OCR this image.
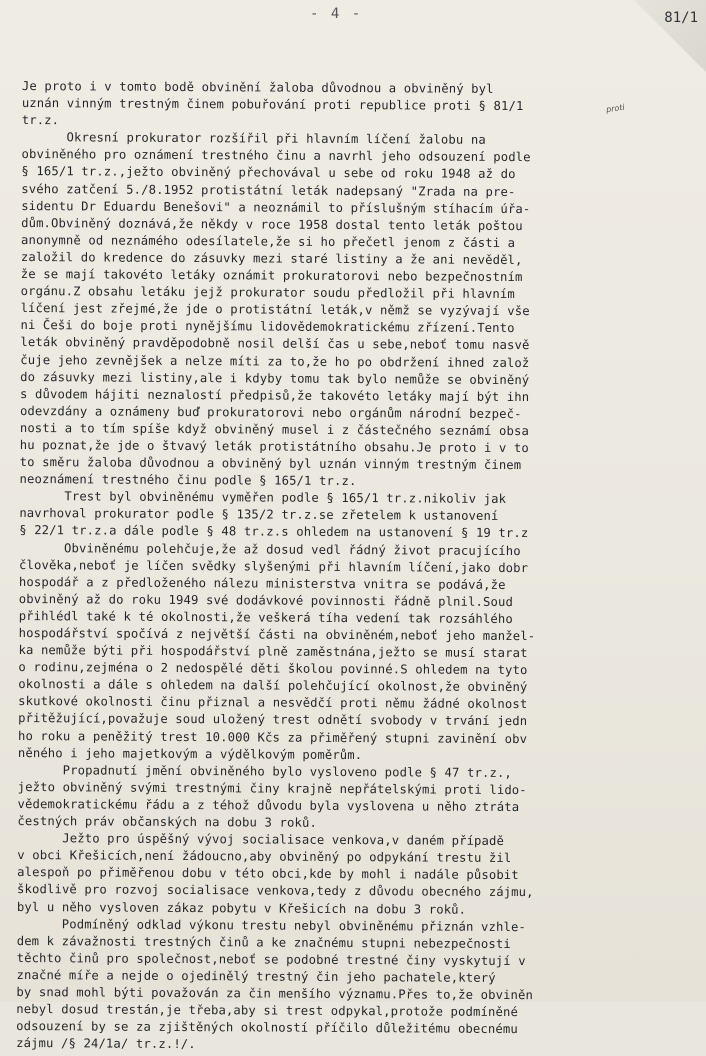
- 4 -	81/1
proti
Je proto i v tomto bodě obvinění žaloba důvodnou a obviněný byl
uznán vinným trestným činem pobuřování proti republice proti § 81/1
tr.z.
Okresní prokurator rozšířil při hlavním líčení žalobu na
obviněného pro oznámení trestného činu a navrhl jeho odsouzení podle
§ 165/1 tr.z.,ježto obviněný přechovával u sebe od roku 1948 až do
svého zatčení 5./8.1952 protistátní leták nadepsaný "Zrada na pre-
sidentu Dr Eduardu Benešovi" a neoznámil to příslušným stíhacím úřa-
dům.Obviněný doznává,že někdy v roce 1958 dostal tento leták poštou
anonymně od neznámého odesílatele,že si ho přečetl jenom z části a
založil do kredence do zásuvky mezi staré listiny a že ani nevěděl,
že se mají takovéto letáky oznámit prokuratorovi nebo bezpečnostním
orgánu.Z obsahu letáku jejž prokurator soudu předložil při hlavním
líčení jest zřejmé,že jde o protistátní leták,v němž se vyzývají vše
ni Češi do boje proti nynějšímu lidovědemokratickému zřízení.Tento
leták obviněný pravděpodobně nosil delší čas u sebe,neboť tomu nasvě
čuje jeho zevnějšek a nelze míti za to,že ho po obdržení ihned založ
do zásuvky mezi listiny,ale i kdyby tomu tak bylo nemůže se obviněný
s důvodem hájiti neznalostí předpisů,že takovéto letáky mají být ihn
odevzdány a oznámeny buď prokuratorovi nebo orgánům národní bezpeč-
nosti a to tím spíše když obviněný musel i z částečného seznámí obsa
hu poznat,že jde o štvavý leták protistátního obsahu.Je proto i v to
to směru žaloba důvodnou a obviněný byl uznán vinným trestným činem
neoznámení trestného činu podle § 165/1 tr.z.
Trest byl obviněnému vyměřen podle § 165/1 tr.z.nikoliv jak
navrhoval prokurator podle § 135/2 tr.z.se zřetelem k ustanovení
§ 22/1 tr.z.a dále podle § 48 tr.z.s ohledem na ustanovení § 19 tr.z
Obviněnému polehčuje,že až dosud vedl řádný život pracujícího
člověka,neboť je líčen svědky slyšenými při hlavním líčení,jako dobr
hospodář a z předloženého nálezu ministerstva vnitra se podává,že
obviněný až do roku 1949 své dodávkové povinnosti řádně plnil.Soud
přihlédl také k té okolnosti,že veškerá tíha vedení tak rozsáhlého
hospodářství spočívá z největší části na obviněném,neboť jeho manžel-
ka nemůže býti při hospodářství plně zaměstnána,ježto se musí starat
o rodinu,zejména o 2 nedospělé děti školou povinné.S ohledem na tyto
okolnosti a dále s ohledem na další polehčující okolnost,že obviněný
skutkové okolnosti činu přiznal a nesvědčí proti němu žádné okolnost
přitěžující,považuje soud uložený trest odnětí svobody v trvání jedn
ho roku a peněžitý trest 10.000 Kčs za přiměřený stupni zavinění obv
něného i jeho majetkovým a výdělkovým poměrům.
Propadnutí jmění obviněného bylo vysloveno podle § 47 tr.z.,
ježto obviněný svými trestnými činy krajně nepřátelskými proti lido-
vědemokratickému řádu a z téhož důvodu byla vyslovena u něho ztráta
čestných práv občanských na dobu 3 roků.
Ježto pro úspěšný vývoj socialisace venkova,v daném případě
v obci Křešicích,není žádoucno,aby obviněný po odpykání trestu žil
alespoň po přiměřenou dobu v této obci,kde by mohl i nadále působit
škodlivě pro rozvoj socialisace venkova,tedy z důvodu obecného zájmu,
byl u něho vysloven zákaz pobytu v Křešicích na dobu 3 roků.
Podmíněný odklad výkonu trestu nebyl obviněnému přiznán vzhle-
dem k závažnosti trestných činů a ke značnému stupni nebezpečnosti
těchto činů pro společnost,neboť se podobné trestné činy vyskytují v
značné míře a nejde o ojedinělý trestný čin jeho pachatele,který
by snad mohl býti považován za čin menšího významu.Přes to,že obviněn
nebyl dosud trestán,je třeba,aby si trest odpykal,protože podmíněné
odsouzení by se za zjištěných okolností příčilo důležitému obecnému
zájmu /§ 24/1a/ tr.z.!/.
